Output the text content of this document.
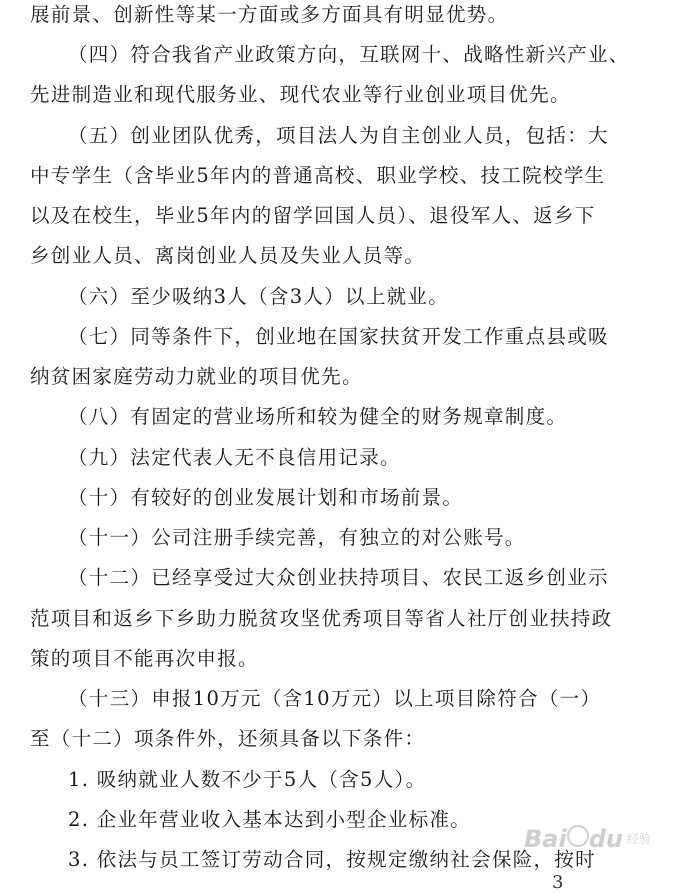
展前景、创新性等某一方面或多方面具有明显优势。
（四）符合我省产业政策方向，互联网十、战略性新兴产业、
先进制造业和现代服务业、现代农业等行业创业项目优先。
（五）创业团队优秀，项目法人为自主创业人员，包括：大
中专学生（含毕业5年内的普通高校、职业学校、技工院校学生
以及在校生，毕业5年内的留学回国人员）、退役军人、返乡下
乡创业人员、离岗创业人员及失业人员等。
（六）至少吸纳3人（含3人）以上就业。
（七）同等条件下，创业地在国家扶贫开发工作重点县或吸
纳贫困家庭劳动力就业的项目优先。
（八）有固定的营业场所和较为健全的财务规章制度。
（九）法定代表人无不良信用记录。
（十）有较好的创业发展计划和市场前景。
（十一）公司注册手续完善，有独立的对公账号。
（十二）已经享受过大众创业扶持项目、农民工返乡创业示
范项目和返乡下乡助力脱贫攻坚优秀项目等省人社厅创业扶持政
策的项目不能再次申报。
（十三）申报10万元（含10万元）以上项目除符合（一）
至（十二）项条件外，还须具备以下条件：
1. 吸纳就业人数不少于5人（含5人）。
2. 企业年营业收入基本达到小型企业标准。
3. 依法与员工签订劳动合同，按规定缴纳社会保险，按时
Bai du 经验
3
